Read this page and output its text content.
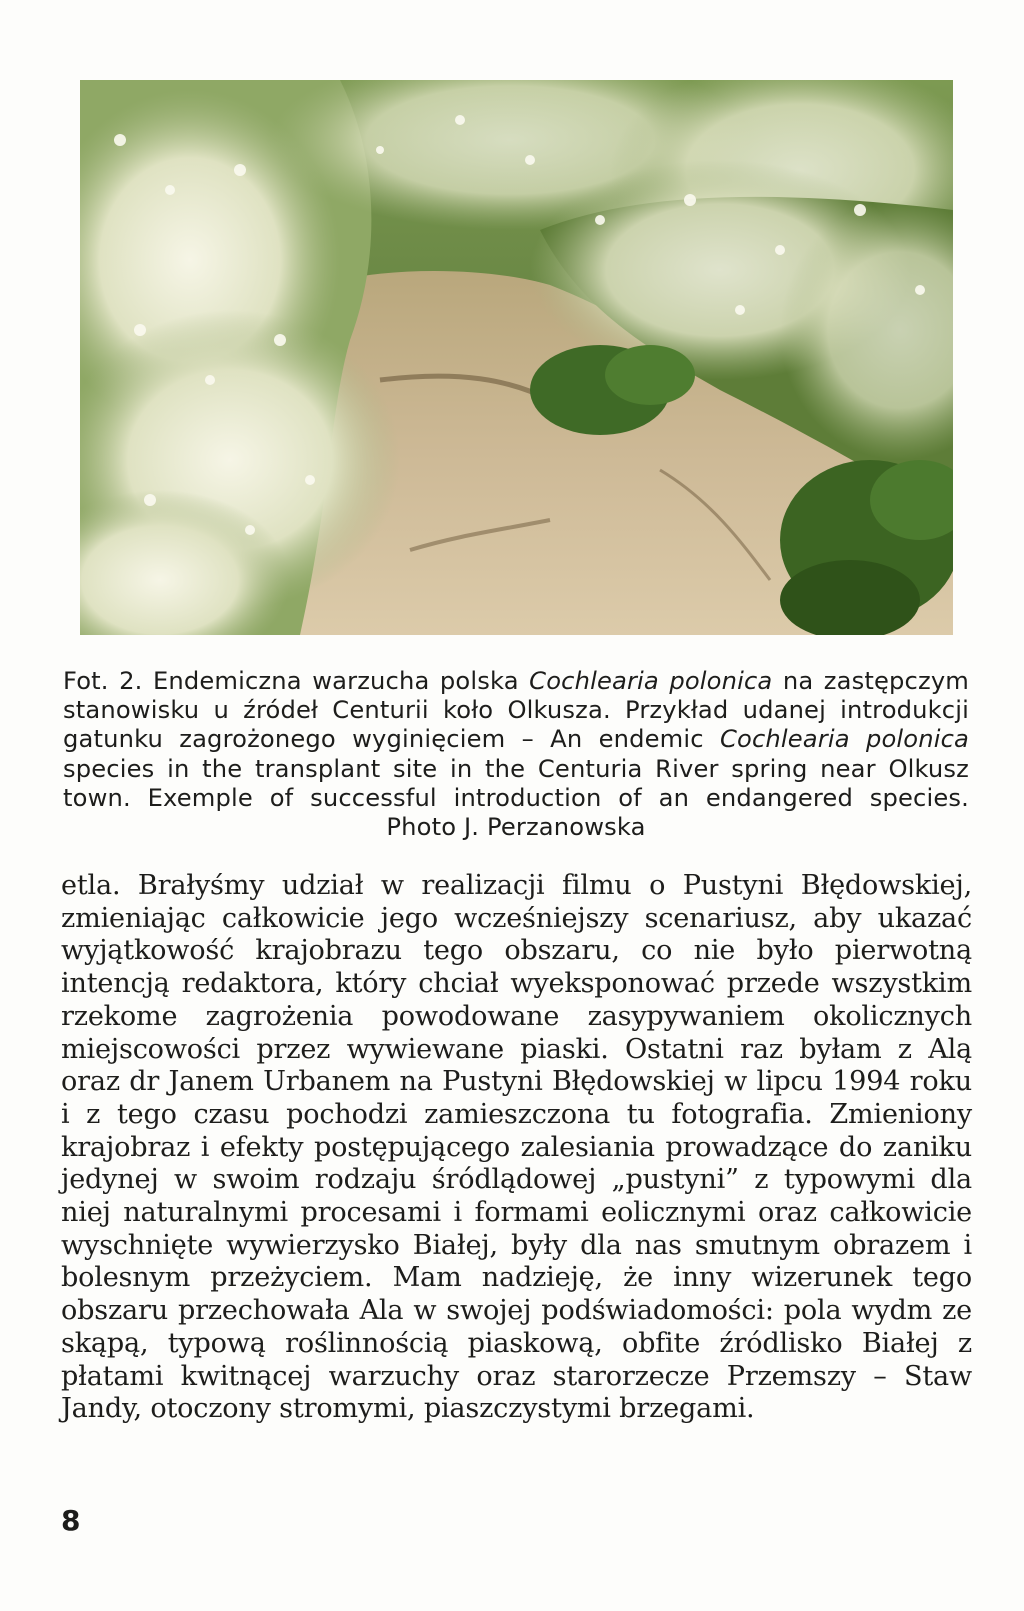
Fot. 2. Endemiczna warzucha polska Cochlearia polonica na zastępczym stanowisku u źródeł Centurii koło Olkusza. Przykład udanej introdukcji gatunku zagrożonego wyginięciem – An endemic Cochlearia polonica species in the transplant site in the Centuria River spring near Olkusz town. Exemple of successful introduction of an endangered species. Photo J. Perzanowska
etla. Brałyśmy udział w realizacji filmu o Pustyni Błędowskiej, zmieniając całkowicie jego wcześniejszy scenariusz, aby ukazać wyjątkowość krajobrazu tego obszaru, co nie było pierwotną intencją redaktora, który chciał wyeksponować przede wszystkim rzekome zagrożenia powodowane zasypywaniem okolicznych miejscowości przez wywiewane piaski. Ostatni raz byłam z Alą oraz dr Janem Urbanem na Pustyni Błędowskiej w lipcu 1994 roku i z tego czasu pochodzi zamieszczona tu fotografia. Zmieniony krajobraz i efekty postępującego zalesiania prowadzące do zaniku jedynej w swoim rodzaju śródlądowej „pustyni” z typowymi dla niej naturalnymi procesami i formami eolicznymi oraz całkowicie wyschnięte wywierzysko Białej, były dla nas smutnym obrazem i bolesnym przeżyciem. Mam nadzieję, że inny wizerunek tego obszaru przechowała Ala w swojej podświadomości: pola wydm ze skąpą, typową roślinnością piaskową, obfite źródlisko Białej z płatami kwitnącej warzuchy oraz starorzecze Przemszy – Staw Jandy, otoczony stromymi, piaszczystymi brzegami.
8
